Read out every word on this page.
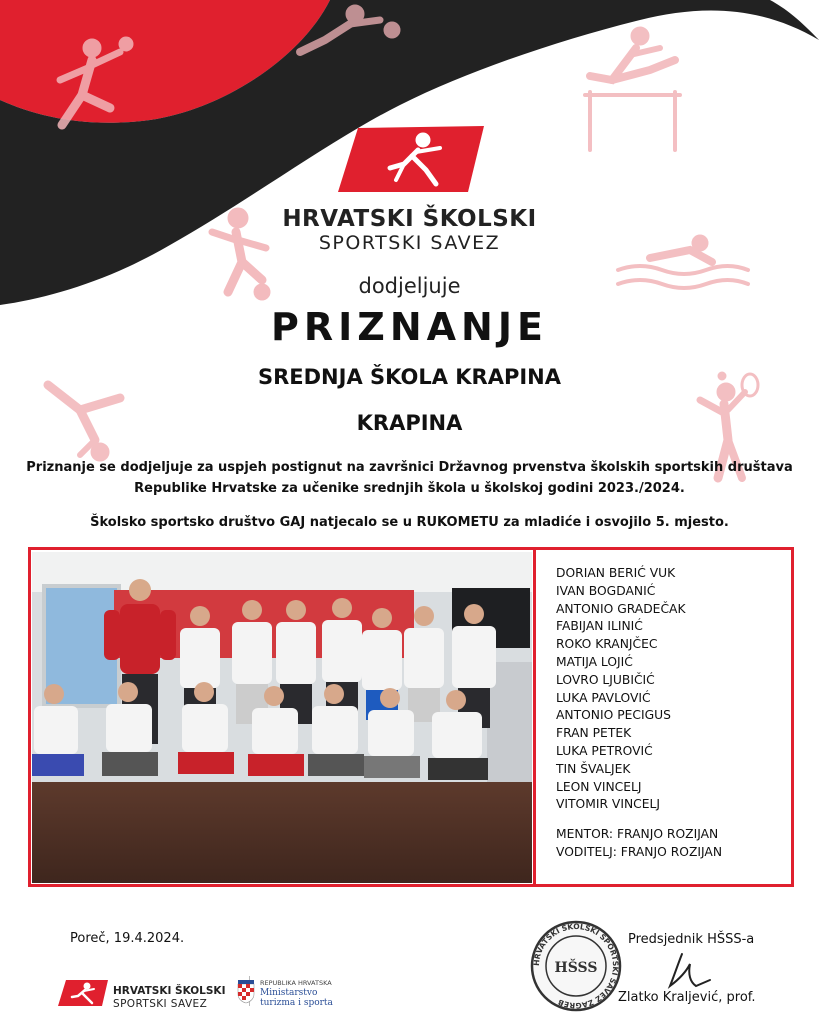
HRVATSKI ŠKOLSKI
SPORTSKI SAVEZ
dodjeljuje
PRIZNANJE
SREDNJA ŠKOLA KRAPINA
KRAPINA
Priznanje se dodjeljuje za uspjeh postignut na završnici Državnog prvenstva školskih sportskih društava
Republike Hrvatske za učenike srednjih škola u školskoj godini 2023./2024.
Školsko sportsko društvo GAJ natjecalo se u RUKOMETU za mladiće i osvojilo 5. mjesto.
DORIAN BERIĆ VUK
IVAN BOGDANIĆ
ANTONIO GRADEČAK
FABIJAN ILINIĆ
ROKO KRANJČEC
MATIJA LOJIĆ
LOVRO LJUBIČIĆ
LUKA PAVLOVIĆ
ANTONIO PECIGUS
FRAN PETEK
LUKA PETROVIĆ
TIN ŠVALJEK
LEON VINCELJ
VITOMIR VINCELJ
MENTOR: FRANJO ROZIJAN
VODITELJ: FRANJO ROZIJAN
Poreč, 19.4.2024.
HRVATSKI ŠKOLSKI SPORTSKI SAVEZ ZAGREB
HŠSS
Predsjednik HŠSS-a
Zlatko Kraljević, prof.
HRVATSKI ŠKOLSKI
SPORTSKI SAVEZ
REPUBLIKA HRVATSKA
Ministarstvo
turizma i sporta
